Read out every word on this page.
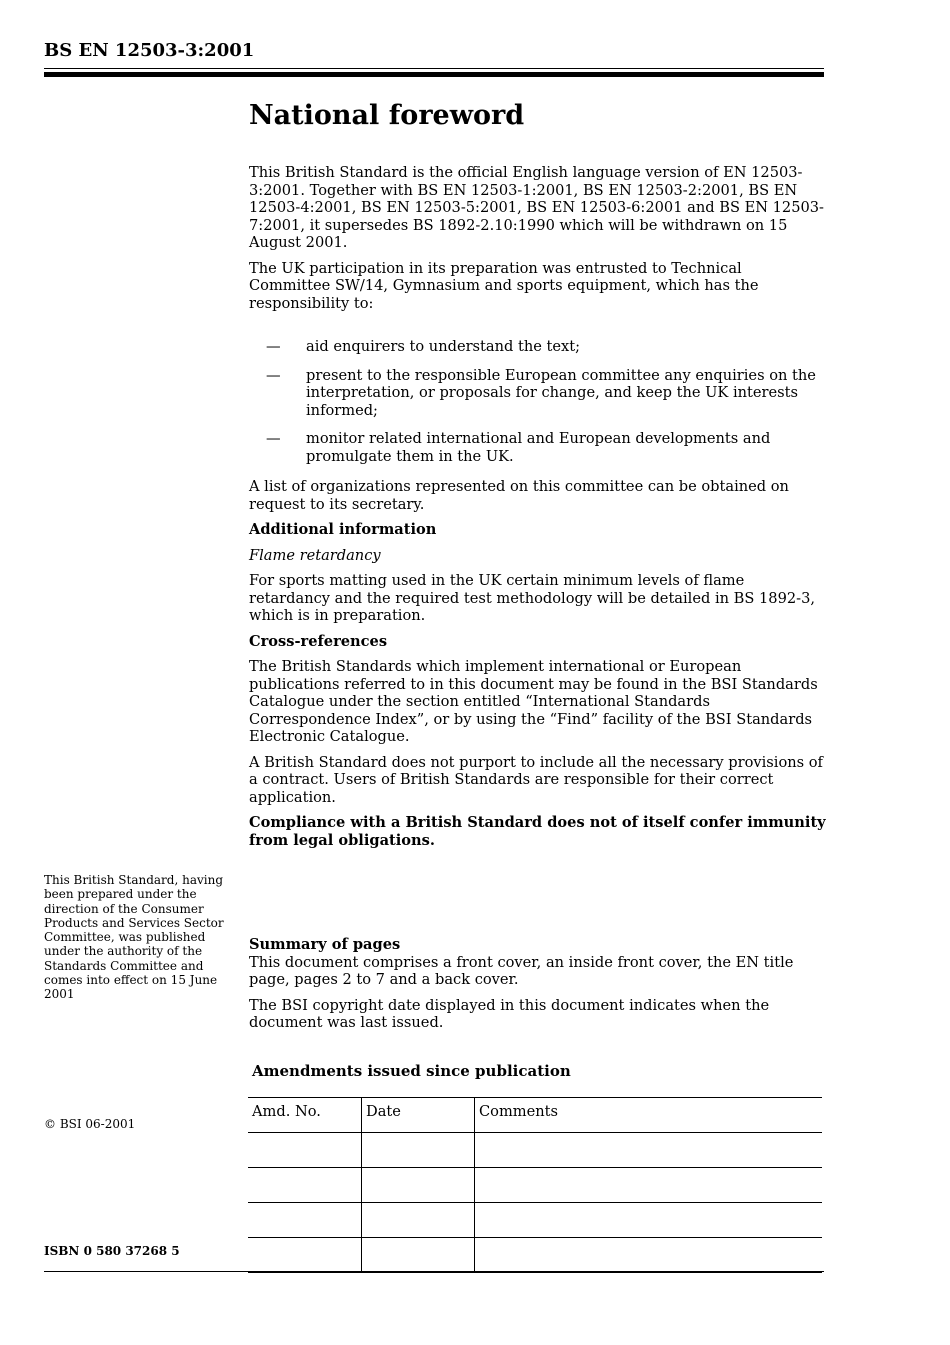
BS EN 12503-3:2001
National foreword

This British Standard is the official English language version of EN 12503-3:2001. Together with BS EN 12503-1:2001, BS EN 12503-2:2001, BS EN 12503-4:2001, BS EN 12503-5:2001, BS EN 12503-6:2001 and BS EN 12503-7:2001, it supersedes BS 1892-2.10:1990 which will be withdrawn on 15 August 2001.

The UK participation in its preparation was entrusted to Technical Committee SW/14, Gymnasium and sports equipment, which has the responsibility to:

—	aid enquirers to understand the text;
—	present to the responsible European committee any enquiries on the interpretation, or proposals for change, and keep the UK interests informed;
—	monitor related international and European developments and promulgate them in the UK.

A list of organizations represented on this committee can be obtained on request to its secretary.

Additional information

Flame retardancy

For sports matting used in the UK certain minimum levels of flame retardancy and the required test methodology will be detailed in BS 1892-3, which is in preparation.

Cross-references

The British Standards which implement international or European publications referred to in this document may be found in the BSI Standards Catalogue under the section entitled “International Standards Correspondence Index”, or by using the “Find” facility of the BSI Standards Electronic Catalogue.

A British Standard does not purport to include all the necessary provisions of a contract. Users of British Standards are responsible for their correct application.

Compliance with a British Standard does not of itself confer immunity from legal obligations.

Summary of pages

This document comprises a front cover, an inside front cover, the EN title page, pages 2 to 7 and a back cover.

The BSI copyright date displayed in this document indicates when the document was last issued.

This British Standard, having been prepared under the direction of the Consumer Products and Services Sector Committee, was published under the authority of the Standards Committee and comes into effect on 15 June 2001
© BSI 06-2001
ISBN 0 580 37268 5
Amendments issued since publication
Amd. No.	Date	Comments
